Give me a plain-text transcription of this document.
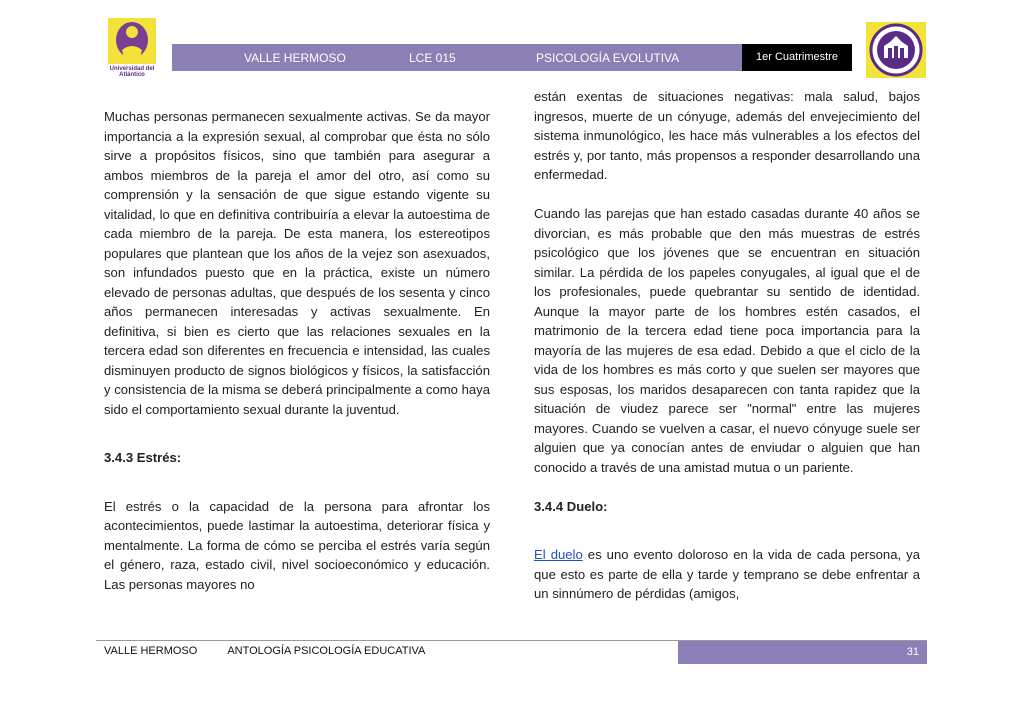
Universidad del Atlántico
VALLE HERMOSO	LCE 015	PSICOLOGÍA EVOLUTIVA	1er Cuatrimestre

Muchas personas permanecen sexualmente activas. Se da mayor importancia a la expresión sexual, al comprobar que ésta no sólo sirve a propósitos físicos, sino que también para asegurar a ambos miembros de la pareja el amor del otro, así como su comprensión y la sensación de que sigue estando vigente su vitalidad, lo que en definitiva contribuiría a elevar la autoestima de cada miembro de la pareja. De esta manera, los estereotipos populares que plantean que los años de la vejez son asexuados, son infundados puesto que en la práctica, existe un número elevado de personas adultas, que después de los sesenta y cinco años permanecen interesadas y activas sexualmente. En definitiva, si bien es cierto que las relaciones sexuales en la tercera edad son diferentes en frecuencia e intensidad, las cuales disminuyen producto de signos biológicos y físicos, la satisfacción y consistencia de la misma se deberá principalmente a como haya sido el comportamiento sexual durante la juventud.

3.4.3 Estrés:

El estrés o la capacidad de la persona para afrontar los acontecimientos, puede lastimar la autoestima, deteriorar física y mentalmente. La forma de cómo se perciba el estrés varía según el género, raza, estado civil, nivel socioeconómico y educación. Las personas mayores no

están exentas de situaciones negativas: mala salud, bajos ingresos, muerte de un cónyuge, además del envejecimiento del sistema inmunológico, les hace más vulnerables a los efectos del estrés y, por tanto, más propensos a responder desarrollando una enfermedad.

Cuando las parejas que han estado casadas durante 40 años se divorcian, es más probable que den más muestras de estrés psicológico que los jóvenes que se encuentran en situación similar. La pérdida de los papeles conyugales, al igual que el de los profesionales, puede quebrantar su sentido de identidad. Aunque la mayor parte de los hombres estén casados, el matrimonio de la tercera edad tiene poca importancia para la mayoría de las mujeres de esa edad. Debido a que el ciclo de la vida de los hombres es más corto y que suelen ser mayores que sus esposas, los maridos desaparecen con tanta rapidez que la situación de viudez parece ser "normal" entre las mujeres mayores. Cuando se vuelven a casar, el nuevo cónyuge suele ser alguien que ya conocían antes de enviudar o alguien que han conocido a través de una amistad mutua o un pariente.

3.4.4 Duelo:

El duelo es uno evento doloroso en la vida de cada persona, ya que esto es parte de ella y tarde y temprano se debe enfrentar a un sinnúmero de pérdidas (amigos,

VALLE HERMOSO	ANTOLOGÍA PSICOLOGÍA EDUCATIVA	31
